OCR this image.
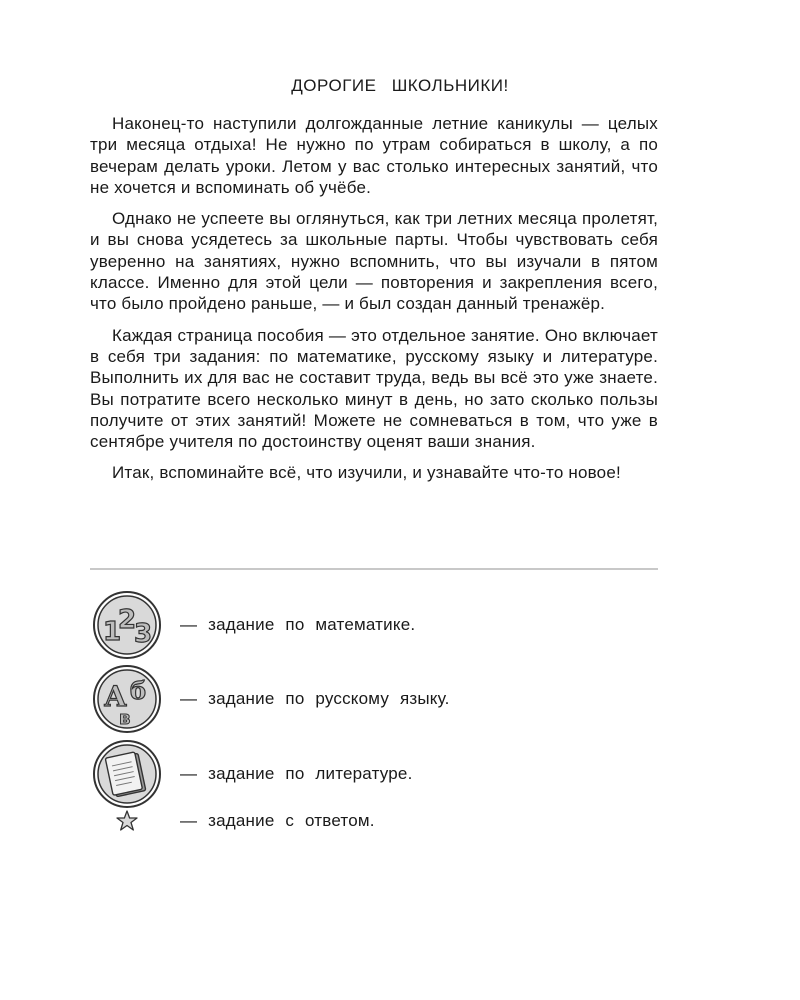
ДОРОГИЕ ШКОЛЬНИКИ!

Наконец-то наступили долгожданные летние каникулы — целых три месяца отдыха! Не нужно по утрам собираться в школу, а по вечерам делать уроки. Летом у вас столько интересных занятий, что не хочется и вспоминать об учёбе.

Однако не успеете вы оглянуться, как три летних месяца пролетят, и вы снова усядетесь за школьные парты. Чтобы чувствовать себя уверенно на занятиях, нужно вспомнить, что вы изучали в пятом классе. Именно для этой цели — повторения и закрепления всего, что было пройдено раньше, — и был создан данный тренажёр.

Каждая страница пособия — это отдельное занятие. Оно включает в себя три задания: по математике, русскому языку и литературе. Выполнить их для вас не составит труда, ведь вы всё это уже знаете. Вы потратите всего несколько минут в день, но зато сколько пользы получите от этих занятий! Можете не сомневаться в том, что уже в сентябре учителя по достоинству оценят ваши знания.

Итак, вспоминайте всё, что изучили, и узнавайте что-то новое!

1
2
3 — задание по математике.
А б
в
— задание по русскому языку.
— задание по литературе.
— задание с ответом.
